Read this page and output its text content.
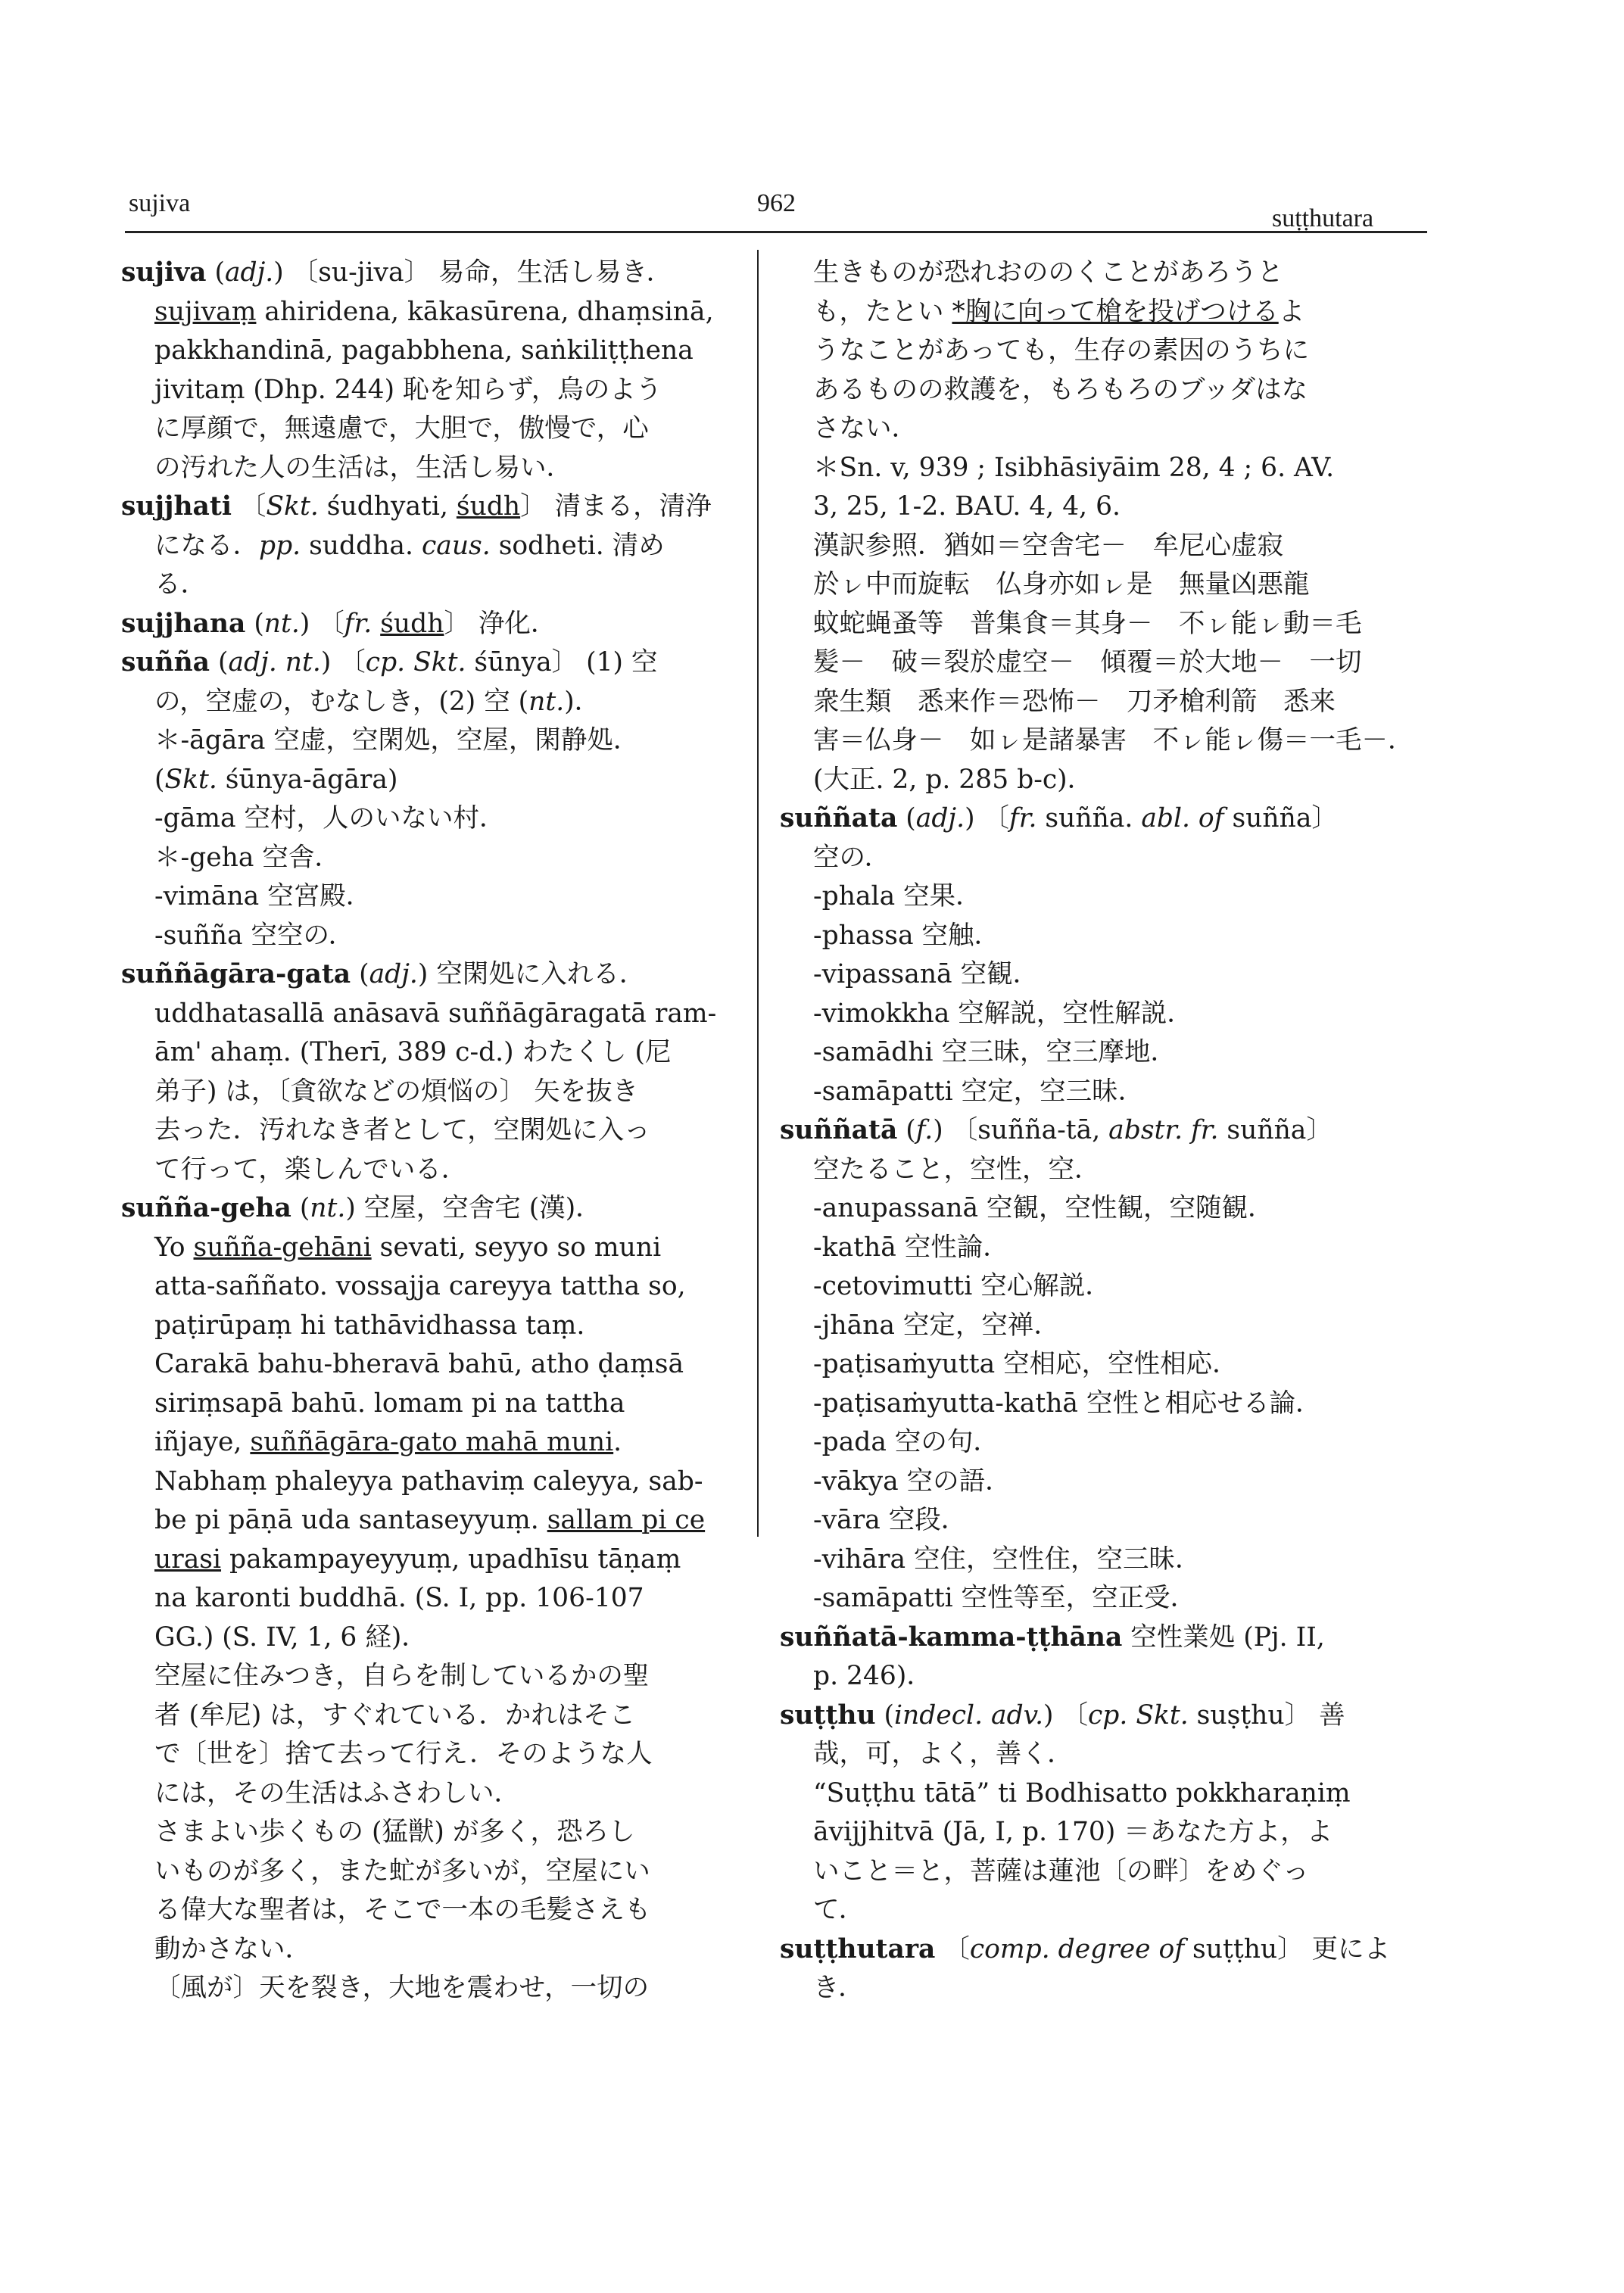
sujiva	962
suṭṭhutara
sujiva (adj.) 〔su-jiva〕 易命，生活し易き．
sujivaṃ ahiridena, kākasūrena, dhaṃsinā,
pakkhandinā, pagabbhena, saṅkiliṭṭhena
jivitaṃ (Dhp. 244) 恥を知らず，烏のよう
に厚顔で，無遠慮で，大胆で，傲慢で，心
の汚れた人の生活は，生活し易い．
sujjhati 〔Skt. śudhyati, śudh〕 清まる，清浄
になる．pp. suddha. caus. sodheti. 清め
る．
sujjhana (nt.) 〔fr. śudh〕 浄化．
suñña (adj. nt.) 〔cp. Skt. śūnya〕 (1) 空
の，空虚の，むなしき，(2) 空 (nt.)．
＊-āgāra 空虚，空閑処，空屋，閑静処．
(Skt. śūnya-āgāra)
-gāma 空村，人のいない村．
＊-geha 空舎．
-vimāna 空宮殿．
-suñña 空空の．
suññāgāra-gata (adj.) 空閑処に入れる．
uddhatasallā anāsavā suññāgāragatā ram-
ām' ahaṃ. (Therī, 389 c-d.) わたくし (尼
弟子) は，〔貪欲などの煩悩の〕 矢を抜き
去った．汚れなき者として，空閑処に入っ
て行って，楽しんでいる．
suñña-geha (nt.) 空屋，空舎宅 (漢)．
Yo suñña-gehāni sevati, seyyo so muni
atta-saññato. vossajja careyya tattha so,
paṭirūpaṃ hi tathāvidhassa taṃ.
Carakā bahu-bheravā bahū, atho ḍaṃsā
siriṃsapā bahū. lomam pi na tattha
iñjaye, suññāgāra-gato mahā muni.
Nabhaṃ phaleyya pathaviṃ caleyya, sab-
be pi pāṇā uda santaseyyuṃ. sallam pi ce
urasi pakampayeyyuṃ, upadhīsu tāṇaṃ
na karonti buddhā. (S. I, pp. 106-107
GG.) (S. IV, 1, 6 経)．
空屋に住みつき，自らを制しているかの聖
者 (牟尼) は，すぐれている．かれはそこ
で〔世を〕捨て去って行え．そのような人
には，その生活はふさわしい．
さまよい歩くもの (猛獣) が多く，恐ろし
いものが多く，また虻が多いが，空屋にい
る偉大な聖者は，そこで一本の毛髪さえも
動かさない．
〔風が〕天を裂き，大地を震わせ，一切の
生きものが恐れおののくことがあろうと
も，たとい *胸に向って槍を投げつけるよ
うなことがあっても，生存の素因のうちに
あるものの救護を，もろもろのブッダはな
さない．
＊Sn. v, 939 ; Isibhāsiyāim 28, 4 ; 6. AV.
3, 25, 1-2. BAU. 4, 4, 6.
漢訳参照．猶如＝空舎宅－　牟尼心虚寂
於ㇾ中而旋転　仏身亦如ㇾ是　無量凶悪龍
蚊蛇蝇蚤等　普集食＝其身－　不ㇾ能ㇾ動＝毛
髪－　破＝裂於虚空－　傾覆＝於大地－　一切
衆生類　悉来作＝恐怖－　刀矛槍利箭　悉来
害＝仏身－　如ㇾ是諸暴害　不ㇾ能ㇾ傷＝一毛－．
(大正. 2, p. 285 b-c)．
suññata (adj.) 〔fr. suñña. abl. of suñña〕
空の．
-phala 空果．
-phassa 空触．
-vipassanā 空観．
-vimokkha 空解説，空性解説．
-samādhi 空三昧，空三摩地．
-samāpatti 空定，空三昧．
suññatā (f.) 〔suñña-tā, abstr. fr. suñña〕
空たること，空性，空．
-anupassanā 空観，空性観，空随観．
-kathā 空性論．
-cetovimutti 空心解説．
-jhāna 空定，空禅．
-paṭisaṁyutta 空相応，空性相応．
-paṭisaṁyutta-kathā 空性と相応せる論．
-pada 空の句．
-vākya 空の語．
-vāra 空段．
-vihāra 空住，空性住，空三昧．
-samāpatti 空性等至，空正受．
suññatā-kamma-ṭṭhāna 空性業処 (Pj. II,
p. 246)．
suṭṭhu (indecl. adv.) 〔cp. Skt. suṣṭhu〕 善
哉，可，よく，善く．
“Suṭṭhu tātā” ti Bodhisatto pokkharaṇiṃ
āvijjhitvā (Jā, I, p. 170) ＝あなた方よ，よ
いこと＝と，菩薩は蓮池〔の畔〕をめぐっ
て．
suṭṭhutara 〔comp. degree of suṭṭhu〕 更によ
き．
